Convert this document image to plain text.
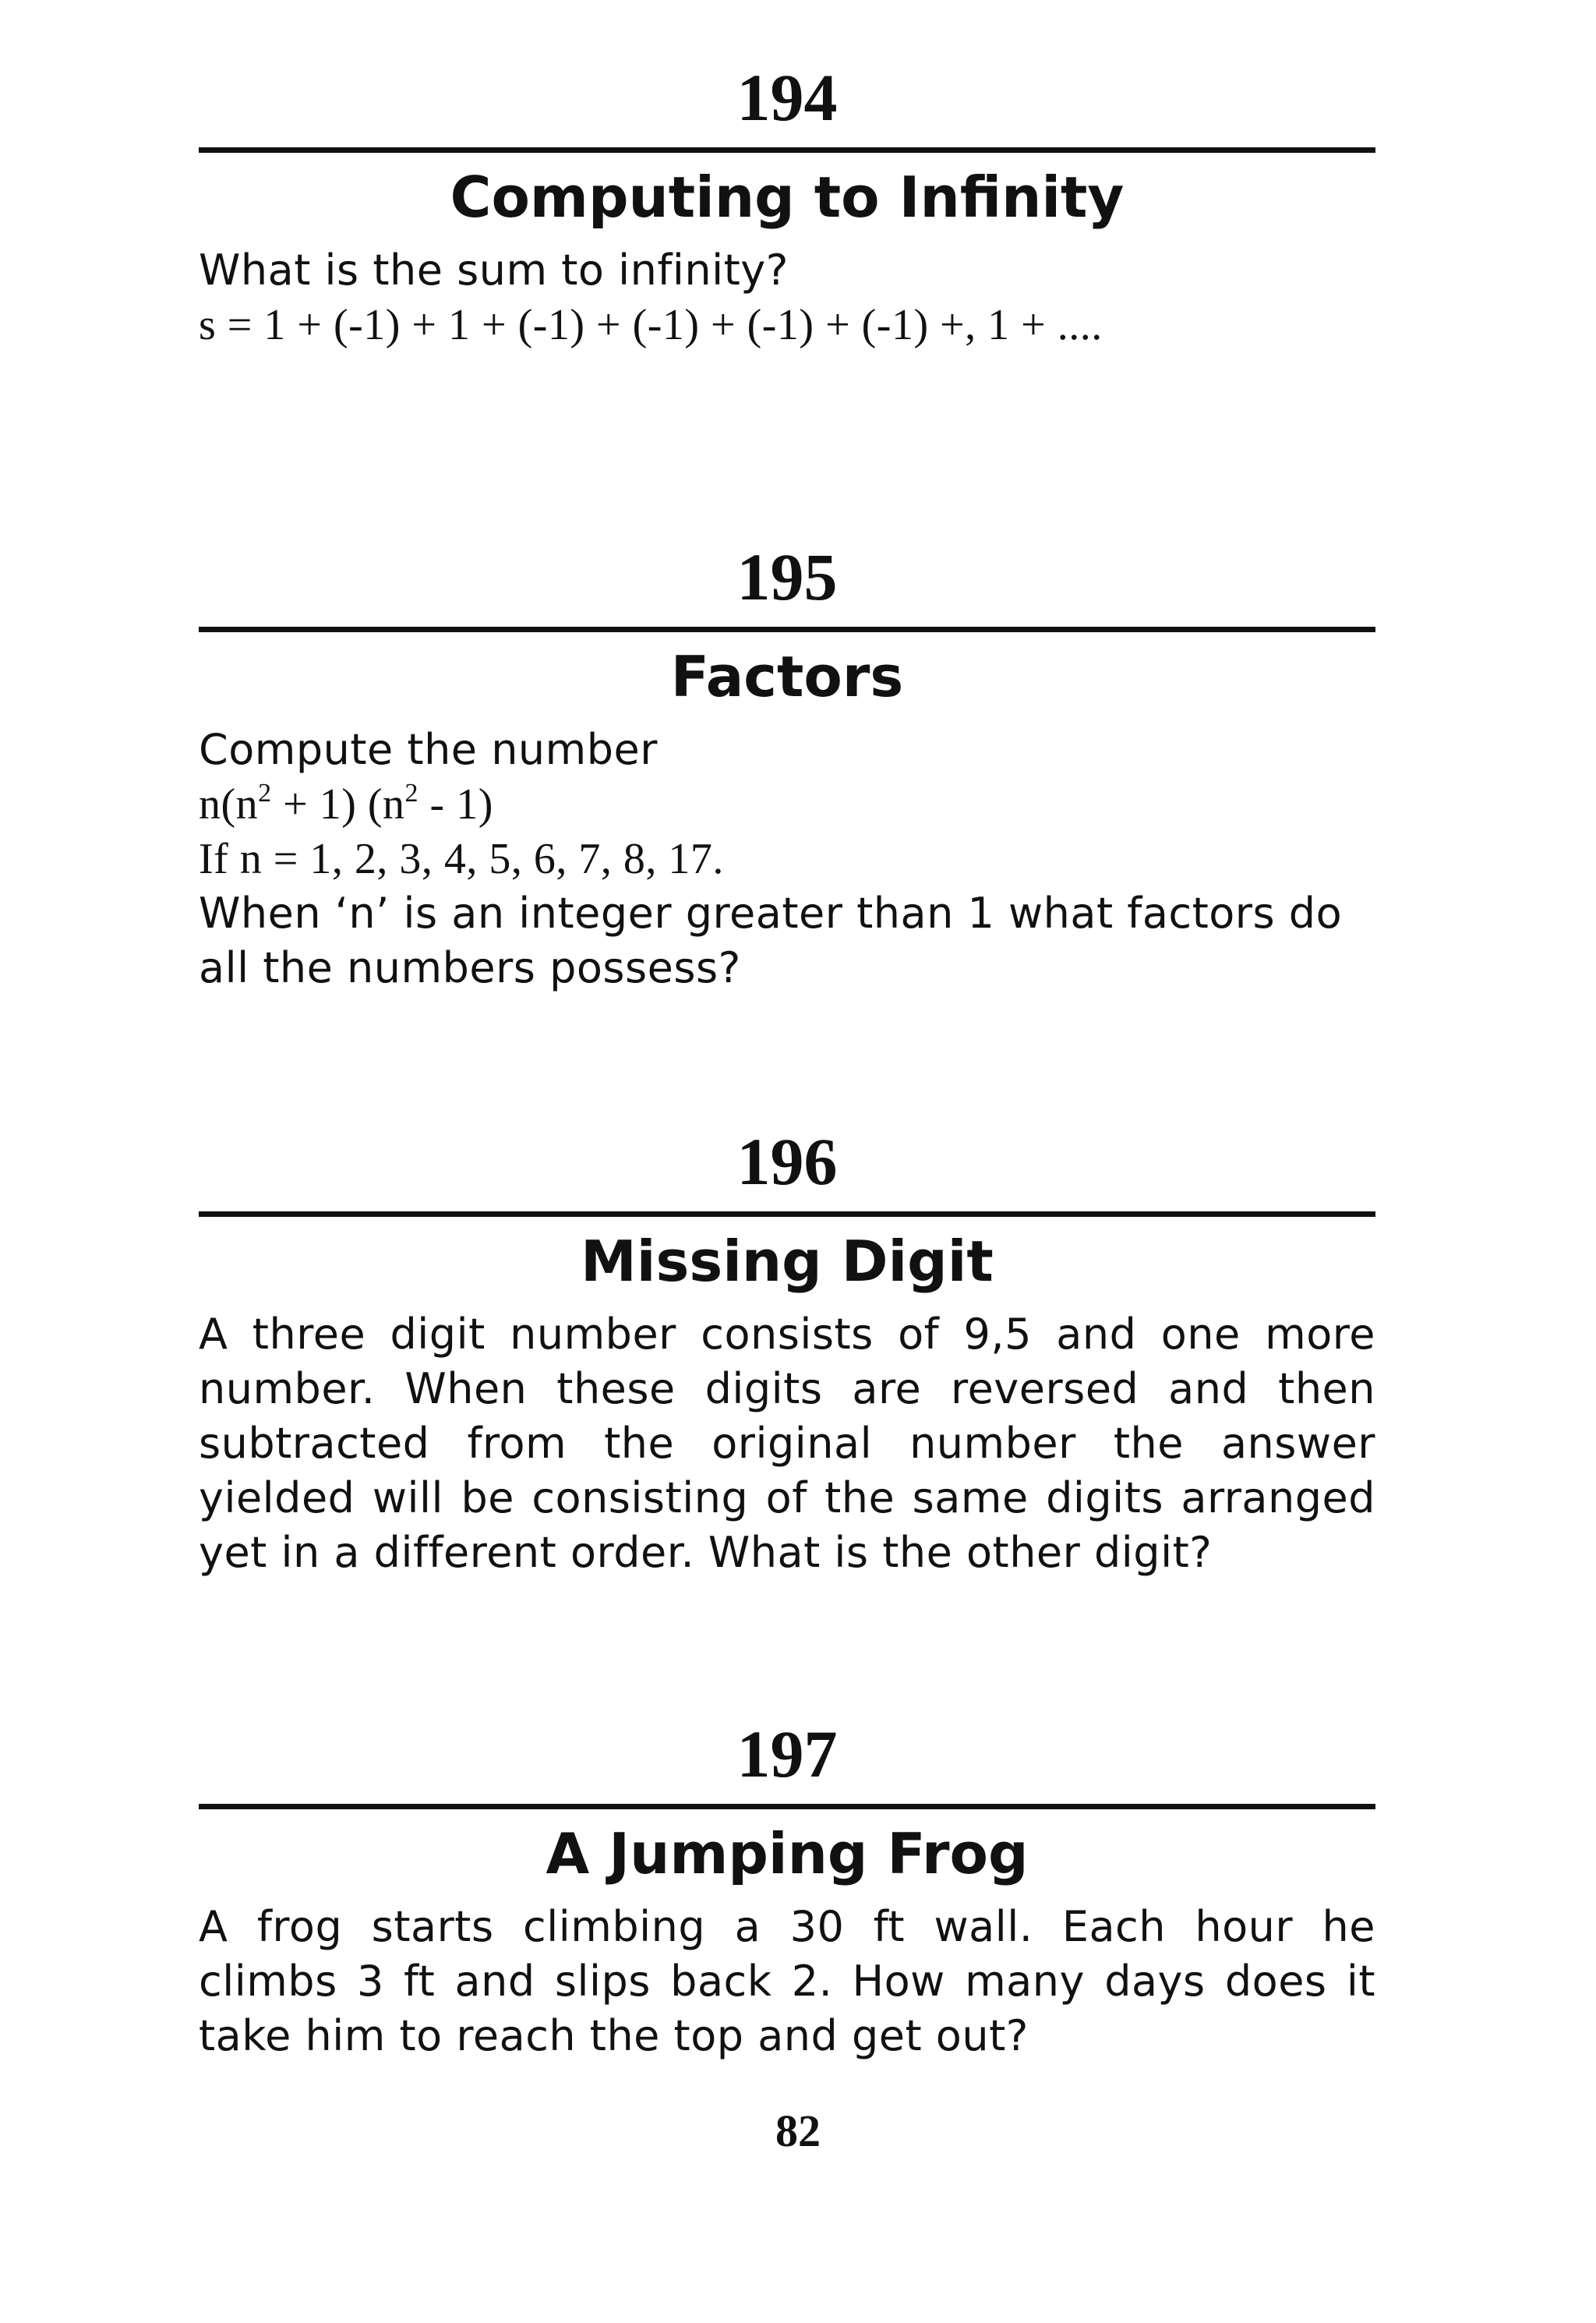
194
Computing to Infinity
What is the sum to infinity?
s = 1 + (-1) + 1 + (-1) + (-1) + (-1) + (-1) +, 1 + ....
195
Factors
Compute the number
$n(n^2 + 1)$ $(n^2 - 1)$
If n = 1, 2, 3, 4, 5, 6, 7, 8, 17.
When ‘n’ is an integer greater than 1 what factors do
all the numbers possess?
196
Missing Digit
A three digit number consists of 9,5 and one more
number. When these digits are reversed and then
subtracted from the original number the answer
yielded will be consisting of the same digits arranged
yet in a different order. What is the other digit?
197
A Jumping Frog
A frog starts climbing a 30 ft wall. Each hour he
climbs 3 ft and slips back 2. How many days does it
take him to reach the top and get out?
82
